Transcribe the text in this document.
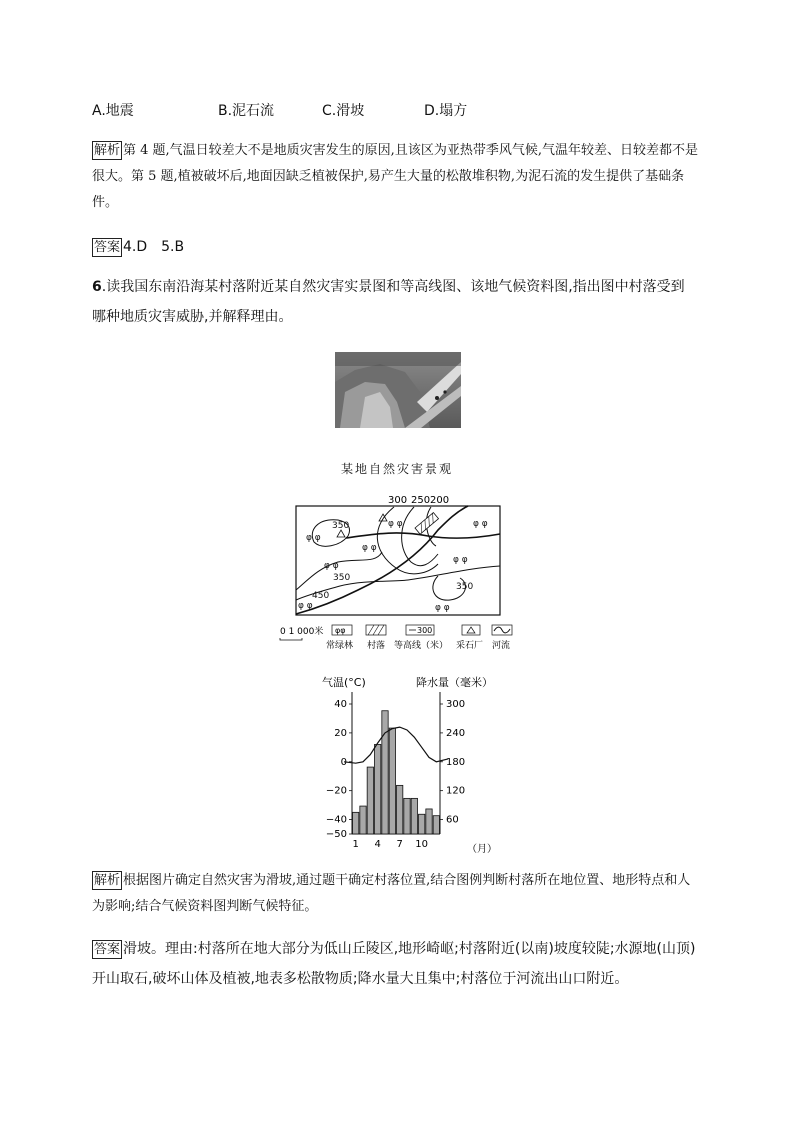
A.地震	B.泥石流	C.滑坡	D.塌方
解析 第 4 题,气温日较差大不是地质灾害发生的原因,且该区为亚热带季风气候,气温年较差、日较差都不是很大。第 5 题,植被破坏后,地面因缺乏植被保护,易产生大量的松散堆积物,为泥石流的发生提供了基础条件。
答案 4.D　5.B
6.读我国东南沿海某村落附近某自然灾害实景图和等高线图、该地气候资料图,指出图中村落受到哪种地质灾害威胁,并解释理由。
某地自然灾害景观
300 250 200
φ φ
φ φ
φ φ
φ φ	φ φ
φ φ
φ φ	φ φ
350
350
450
350
0 1 000米 φφ
常绿林 村落
300
等高线（米） 采石厂 河流
气温(°C)	降水量（毫米）
40
20
0
−20
−40
−50
300
240
180
120
60
1 4 7 10	（月）
解析 根据图片确定自然灾害为滑坡,通过题干确定村落位置,结合图例判断村落所在地位置、地形特点和人为影响;结合气候资料图判断气候特征。
答案 滑坡。理由:村落所在地大部分为低山丘陵区,地形崎岖;村落附近(以南)坡度较陡;水源地(山顶)开山取石,破坏山体及植被,地表多松散物质;降水量大且集中;村落位于河流出山口附近。
